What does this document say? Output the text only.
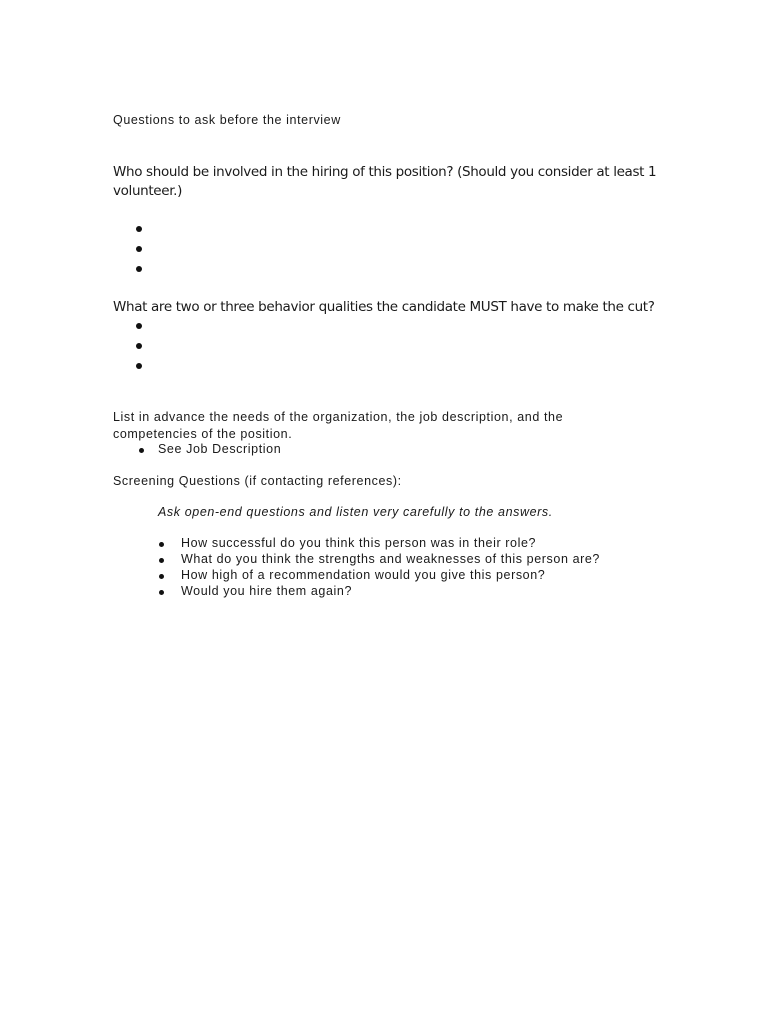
Questions to ask before the interview
Who should be involved in the hiring of this position? (Should you consider at least 1
volunteer.)
What are two or three behavior qualities the candidate MUST have to make the cut?
List in advance the needs of the organization, the job description, and the
competencies of the position.
See Job Description
Screening Questions (if contacting references):
Ask open-end questions and listen very carefully to the answers.
How successful do you think this person was in their role?
What do you think the strengths and weaknesses of this person are?
How high of a recommendation would you give this person?
Would you hire them again?
